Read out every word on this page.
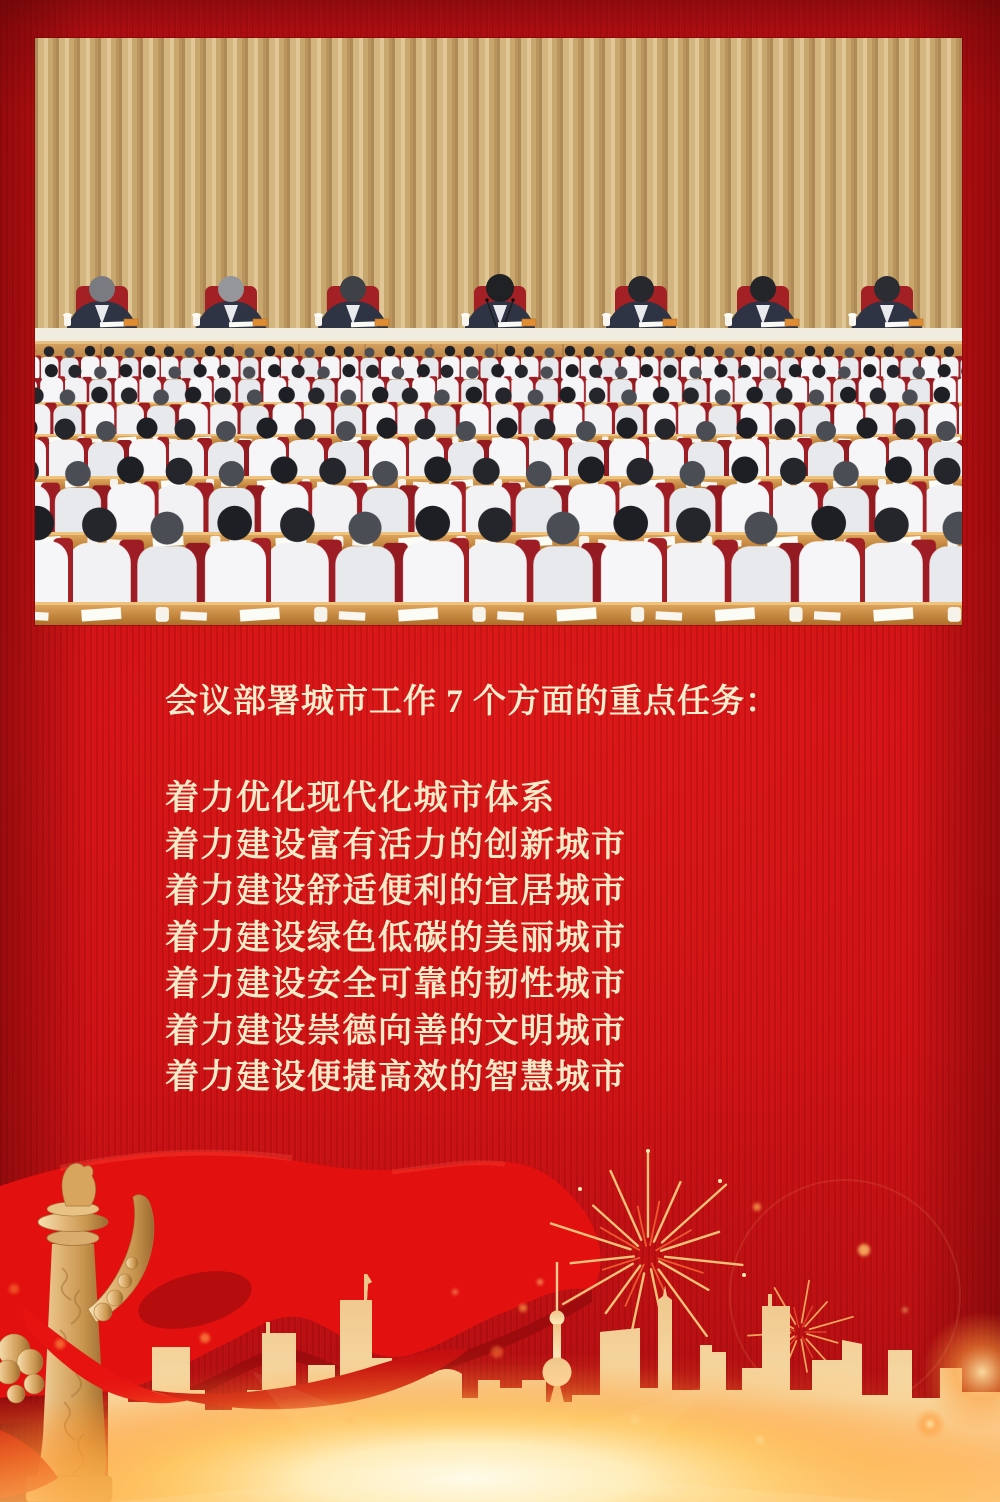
会议部署城市工作 7 个方面的重点任务：
着力优化现代化城市体系
着力建设富有活力的创新城市
着力建设舒适便利的宜居城市
着力建设绿色低碳的美丽城市
着力建设安全可靠的韧性城市
着力建设崇德向善的文明城市
着力建设便捷高效的智慧城市
